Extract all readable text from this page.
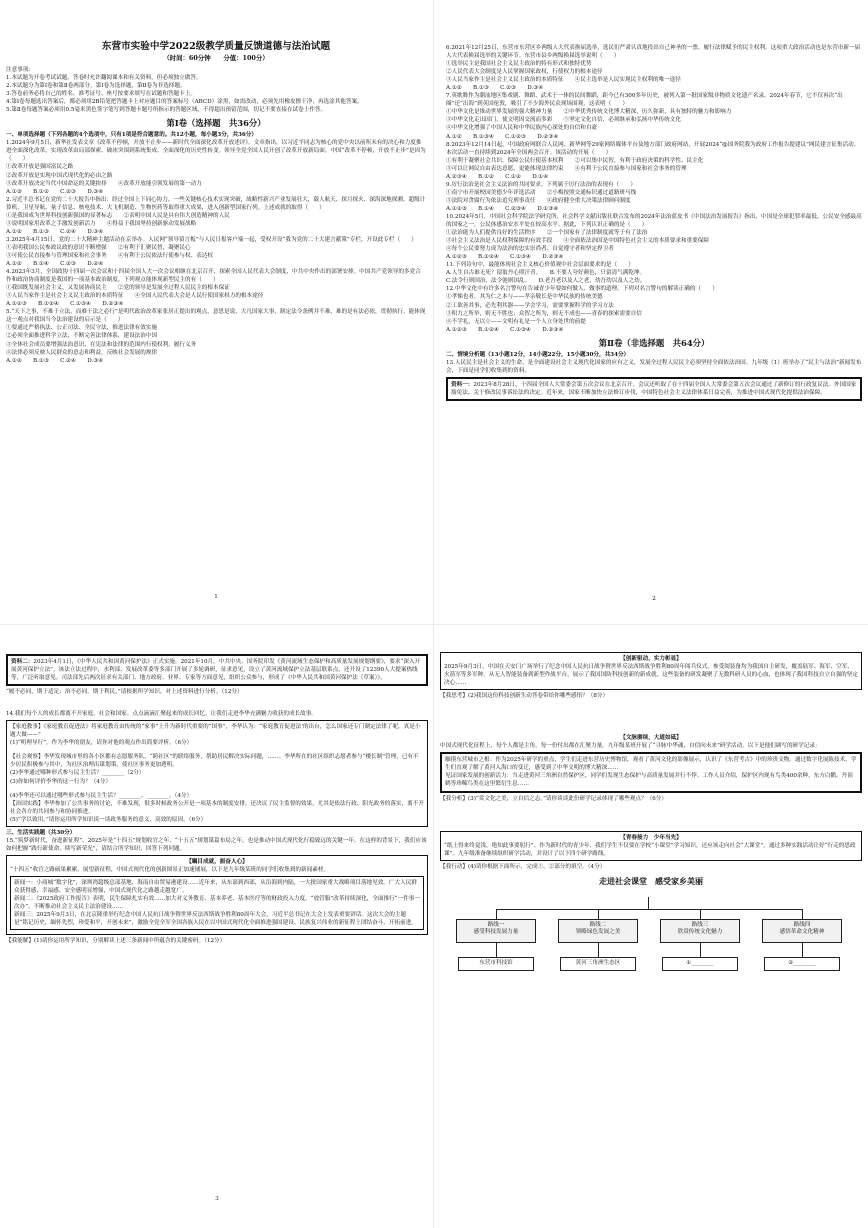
东营市实验中学2022级教学质量反馈道德与法治试题

（时间：60分钟　　分值：100分）

注意事项：

1.本试题为开卷考试试题，答卷时允许翻阅课本和有关资料，但必须独立做答。

2.本试题分为第Ⅰ卷和第Ⅱ卷两部分，第Ⅰ卷为选择题，第Ⅱ卷为非选择题。

3.答卷前务必将自己的姓名、准考证号、座号按要求填写在试题和答题卡上。

4.第Ⅰ卷每题选出答案后，都必须用2B铅笔把答题卡上对应题目的答案标号（ABCD）涂黑，如需改动，必须先用橡皮擦干净，再选涂其他答案。

5.第Ⅱ卷每题答案必须用0.5毫米黑色签字笔写到答题卡题号所指示的答题区域，不得超出预留范围，切记不要直接在试卷上作答。

第Ⅰ卷（选择题　共36分）

一、单项选择题（下列各题的4个选项中，只有1项是符合题意的。共12小题，每小题3分，共36分）

1.2024年9月5日，新华社发表文章《改革不停顿，开放不止步——新时代全面深化改革开放述评》。文章指出，以习近平同志为核心的党中央以前所未有的决心和力度推进全面深化改革，实现改革由局部探索、破冰突围到系统集成、全面深化的历史性转变。领导全党全国人民开创了改革开放新局面。中国“改革不停顿，开放不止步”是因为（　　）

①改革开放是强国富民之路

②改革开放是实现中国式现代化的必由之路

③改革开放决定当代中国命运的关键抉择　　④改革开放能引领发展的第一动力

A.①③　　B.①②　　C.②③　　D.③④

2.习近平总书记在党的二十大报告中指出：经过全国上下同心协力，一些关键核心技术实现突破，战略性新兴产业发展壮大，载人航天、探月探火、深海深地探测、超级计算机、卫星导航、量子信息、核电技术、大飞机制造、生物医药等取得重大成果，进入创新型国家行列。上述成就的取得（　　）

①是我国成为世界科技创新强国的显著标志　　②表明中国人民是具有伟大创造精神的人民

③说明国家用改革之手激发创新活力　　④得益于我国坚持创新驱动发展战略

A.①②　　B.①③　　C.②④　　D.③④

3.2025年4月15日，党的二十大精神主题活动在京举办。人民网“领导留言板”与人民日报客户端一起，受权开设“我为党的二十大建言献策”专栏，开设此专栏（　　）

①表明我国公民参政议政的意识不断增强　　②有利于汇聚民智，凝聚民心

③可使公民直接参与管理国家和社会事务　　④有利于公民依法行使参与权、表达权

A.①②　　B.①④　　C.②③　　D.②④

4.2023年3月，全国政协十四届一次会议和十四届全国人大一次会议相继在北京召开，探索全国人民代表大会制度，中共中央作出的部署安排。中国共产党领导的多党合作和政治协商制度是我国的一项基本政治制度。下列观点能体现新型民主的有（　　）

①我国既发展社会主义，又发展协商民主　　②党的领导是发展全过程人民民主的根本保证

③人民当家作主是社会主义民主政治的本质特征　　④全国人民代表大会是人民行使国家权力的根本途径

A.①②③　　B.①②④　　C.①③④　　D.②③④

5.“天下之事，不难于立法，而难于法之必行”是明代政治改革家张居正提出的观点，意思是说，大凡国家大事，制定法令条例并不难，难的是有法必依，贯彻执行。能体现这一观点对我国当今法治建设的启示是（　　）

①要通过严格执法、公正司法、全民守法，推进法律有效实施

②必须全面推进科学立法，不断完善法律体系，建设法治中国

③全体社会成员要增强法治意识，在宪法和法律的范围内行使权利、履行义务

④法律必须反映人民群众的意志和利益，反映社会发展的规律

A.①②　　B.①③　　C.②④　　D.③④

1

6.2021年12月25日，东营市东营区乡两级人大代表换届选举，选民们严肃认真地投出自己神圣的一票，履行法律赋予的民主权利，这项重大政治活动也是东营市新一届人大代表换届选举的关键环节。东营市县乡两级换届选举说明（　　）

①选举民主是我国社会主义民主政治的特有形式和独特优势

②人民代表大会制度是人民掌握国家政权，行使权力的根本途径

③人民当家作主是社会主义民主政治的本质特征　　④民主选举是人民实现民主权利的唯一途径

A.①②　　B.①③　　C.②③　　D.③④

7.英歌舞作为潮汕地区集戏剧、舞蹈、武术于一体的民间舞蹈，距今已有300多年历史，被列入第一批国家级非物质文化遗产名录。2024年春节，它不仅再次“出圈”还“出海”到英国伦敦，吸引了不少海外民众现场围观，这表明（　　）

①中华文化是推动世界发展的强大精神力量　　②中华优秀传统文化博大精深，历久弥新，具有独特的魅力和影响力

③中华文化走出国门，使文明因交流而多彩　　⑤坚定文化自信，必须继承和弘扬中华传统文化

④中华文化增强了中国人民和中华民族内心深处的自信和自豪

A.①②　　B.①③④　　C.①②③　　D.②③④

8.2023年12月14日起，中国政府网联合人民网、新华网等29家网络媒体平台及地方部门政府网站，开展2024“@国务院我为政府工作报告提建议”网民建言征集活动。本次活动一直持续到2024年全国两会召开。该活动的开展（　　）

①有利于凝聚社会共识，保障公民行使基本权利　　②可以集中民智，有利于政府决策的科学性、民主化

③可以让网民自由表达意愿，更能体现法律约束　　④有利于公民直接参与国家和社会事务的管理

A.②③④　　B.①②　　C.①②　　D.①④

9.厉行法治是社会主义法治的共同要求。下列属于厉行法治的表现有（　　）

①南宁市开展校园美德少年评选活动　　②小梅按照交通标识通过道路斑马线

③法院对贪腐行为依法追究刑事责任　　④政府健全重大决策法律顾问制度

A.①②③　　B.①④　　C.②③④　　D.①③④

10.2024年5月，中国社会科学院法学研究所、社会科学文献出版社联合发布的2024年法治蓝皮书《中国法治发展报告》指出，中国是全球犯罪率最低、公民安全感最高的国家之一，公民体感治安水平处在较高水平。据此，下列认识正确的是（　　）

①法治能为人们提供良好的生活秩序　　②一个国家有了法律制度就等于有了法治

③社会主义法治是人民权利保障的有效手段　　④全面依法治国是中国特色社会主义的本质要求和重要保障

④每个公民要努力成为法治的忠实崇尚者、自觉遵守者和坚定捍卫者

A.①②③　　B.①②④　　C.①③④　　D.②③④

11.下列诗句中，最能体现社会主义核心价值观中社会层面要求的是（　　）

A.人生自古谁无死？留取丹心照汗青。　　B.不要人夸好颜色，只留清气满乾坤。

C.法令行则国治，法令弛则国乱。　　D.老吾老以及人之老，幼吾幼以及人之幼。

12.中华文化中有许多名言警句在告诫青少年要如何做人、做事的道理。下列对名言警句的解读正确的（　　）

①孝悌也者，其为仁之本与——孝亲敬长是中华民族的传统美德

②工欲善其事，必先利其器——学会学习，需要掌握科学的学习方法

③积力之所举，则无不胜也；众智之所为，则无不成也——青春的探索需要自信

④不学礼，无以立——文明有礼是一个人立身处世的前提

A.①②③　　B.①②④　　C.①③④　　D.②③④

第Ⅱ卷（非选择题　共64分）

二、情境分析题（13小题12分，14小题22分，15小题30分，共34分）

13.人民民主是社会主义的生命。是全面建设社会主义现代化国家的应有之义，发展全过程人民民主必须坚持全面依法治国。九年级（1）班举办了“民主与法治”新闻发布会，下面是同学们收集到的资料。

资料一：2023年8月28日，十四届全国人大常委会第五次会议在北京召开。会议还听取了在十四届全国人大常委会第五次会议通过了新修订的行政复议法。外国国家豁免法、关于修改民事诉讼法的决定。近年来，国家不断加快立法修订步伐，中国特色社会主义法律体系日益完善，为推进中国式现代化提供法治保障。

2

资料二：2023年4月1日，《中华人民共和国黄河保护法》正式实施。2021年10月，中共中央、国务院印发《黄河流域生态保护和高质量发展规划纲要》，要求“深入开展黄河保护立法”。该法立法过程中，水利部、发展改革委等多部门开展了多轮调研，征求意见，设立了黄河流域保护立法基层联系点，还开设了12390人大提案热线等，广泛听取意见。司法部先后两次征求有关部门、地方政府、业界、专家等方面意见，组织公众参与，形成了《中华人民共和国黄河保护法（草案）》。

“履不必同，期于适足；治不必同，期于利民。”请根据所学知识，对上述资料进行分析。（12分）

14.我们每个人的成长都离不开家庭、社会和国家。点点滴滴汇聚起来的成长回忆，让我们走进李华充满魅力收获的成长故事。

【家庭教事】《家庭教育促进法》将家庭教育由传统的“家事”上升为新时代重要的“国事”，李华认为：“家庭教育促进法’的出台，怎么国家还专门制定法律了呢，真是小题大做——”

(1)“明理导行”，作为李华的朋友，请你对他的观点作出简要评析。（6分）

【社会观察】李华发现城市里的各小区都有志愿服务队，“跨社区”的联络服务，帮助居民解决实际问题，……。李华所在的社区组织志愿者参与“楼长制”管理，已有不少居民积极参与其中，为社区治理出谋划策，使社区事务更加透明。

(2)李华通过哪种形式参与民主生活？________（2分）

(3)你如何评价李华的这一行为？（4分）

(4)李华还可以通过哪些形式参与民主生活？________、________。（4分）

【治国实践】李华参加了公共事务的讨论，不难发现，很多时候政务公开是一项基本的制度安排，还决议了民主监督的效果，尤其是依法行政、阳光政务的落实，离不开社会各方的共同参与和协同推进。

(5)“学以致用。”请你运用所学知识谈一谈政务服务的意义、高效的原因。（6分）

三、生活实践题（共30分）

15.“筑梦新时代，奋进新征程”。2025年是“十四五”规划收官之年、“十五五”规划谋篇布局之年，也是推动中国式现代化行稳致远的关键一年。在这样的背景下，我们应该如何把握“践行新使命，续写新荣光”，请结合所学知识，回答下列问题。

【瞩目成就，振奋人心】

“十四五”收官之路硕果累累，展望新征程，中国式现代化的创新图景正加速铺展，以下是九年级某班的同学们收集到的新闻素材。

新闻一：小商城“数字化”，深圳湾超级总部基地、海南自由贸易港建设……近年来，从东部到西部，从沿海到内陆，一大批国家重大战略项目落地见效。广大人民群众获得感、幸福感、安全感明显增强，中国式现代化之路越走越宽广。

新闻二：《2025政府工作报告》表明，民生保障扎实有效……加大对义务教育、基本养老、基本医疗等的财政投入力度，“放管服”改革持续深化，全面推行“一件事一次办”，不断推动社会主义民主法治建设……

新闻三：2025年9月3日，在北京隆重举行纪念中国人民抗日战争暨世界反法西斯战争胜利80周年大会，习近平总书记在大会上发表重要讲话。这次大会的主题是“铭记历史，缅怀先烈，珍爱和平，开创未来”，激励全党全军全国各族人民在以中国式现代化全面推进强国建设、民族复兴伟业的新征程上团结奋斗、开拓前进。

【我能解】(1)请你运用所学知识，分别解读上述三条新闻中所蕴含的关键密码。（12分）

3

【创新驱动，实力彰显】

2025年9月3日，中国在天安门广场举行了纪念中国人民抗日战争暨世界反法西斯战争胜利80周年阅兵仪式。参受阅装备均为我国自主研发，覆盖陆军、海军、空军、火箭军等多军种，从无人智能装备到新型作战平台，展示了我国国防科技创新的新成就。这些装备的研发凝聚了无数科研人员的心血，也体现了我国科技自立自强的坚定决心……

【我思考】(2)我国这份科技创新生动答卷带给你哪些感悟？（8分）

【文脉赓续，大道如砥】

中国式现代化征程上，每个人都是主角，每一份付出都在汇聚力量。九年级某班开展了“寻脉中华魂，自信向未来”研学活动。以下是他们调写的研学记录：

触摸东营城市之根：作为2025年研学的重点，学生们走进东营历史博物馆，观看了黄河文化的影像展示，认识了《东营考古》中的珍贵文物。通过数字化展陈技术，学生们直观了解了黄河入海口的变迁，感受到了中华文明的博大精深……

见证国家发展的创新活力：当走进黄河三角洲自然保护区，同学们发现生态保护与高质量发展并行不悖。工作人员介绍，保护区内现有鸟类400余种，东方白鹳、丹顶鹤等珍稀鸟类在这里繁衍生息……

【我分析】(3)“赏文化之美，立自信之志。”请你谈谈此份研学记录体现了哪些观点？（6分）

【青春接力　少年当先】

“纸上得来终觉浅，绝知此事要躬行”。作为新时代的青少年，我们学生不仅要在学校“小课堂”学习知识，还应该走向社会“大课堂”，通过多种实践活动让好“行走的思政课”。九年级准备继续组织研学活动，并设计了以下四个研学路线。

【我行动】(4)请你根据下面所示，完成①、②部分的填空。（4分）

走进社会课堂　感受家乡美丽
路线一
感受科技发展力量
路线二
领略绿色发展之美
路线三
欣赏传统文化魅力
路线四
感悟革命文化精神
东营市科技馆	黄河三角洲生态区	①________	②________
